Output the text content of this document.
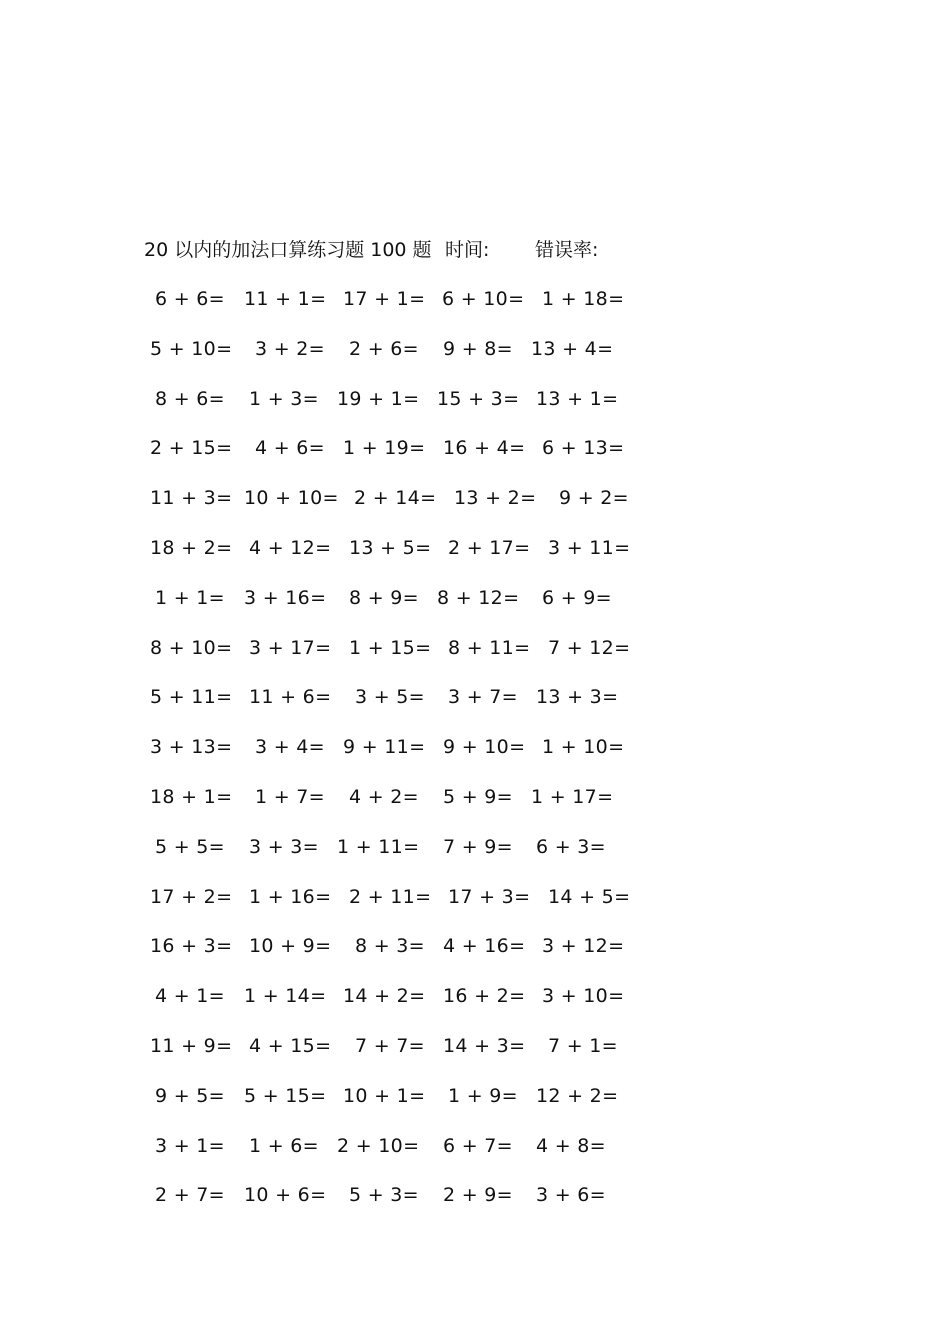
20 以内的加法口算练习题 100 题 时间: 错误率:
6 + 6= 11 + 1= 17 + 1= 6 + 10= 1 + 18=
5 + 10= 3 + 2= 2 + 6= 9 + 8= 13 + 4=
8 + 6= 1 + 3= 19 + 1= 15 + 3= 13 + 1=
2 + 15= 4 + 6= 1 + 19= 16 + 4= 6 + 13=
11 + 3= 10 + 10= 2 + 14= 13 + 2= 9 + 2=
18 + 2= 4 + 12= 13 + 5= 2 + 17= 3 + 11=
1 + 1= 3 + 16= 8 + 9= 8 + 12= 6 + 9=
8 + 10= 3 + 17= 1 + 15= 8 + 11= 7 + 12=
5 + 11= 11 + 6= 3 + 5= 3 + 7= 13 + 3=
3 + 13= 3 + 4= 9 + 11= 9 + 10= 1 + 10=
18 + 1= 1 + 7= 4 + 2= 5 + 9= 1 + 17=
5 + 5= 3 + 3= 1 + 11= 7 + 9= 6 + 3=
17 + 2= 1 + 16= 2 + 11= 17 + 3= 14 + 5=
16 + 3= 10 + 9= 8 + 3= 4 + 16= 3 + 12=
4 + 1= 1 + 14= 14 + 2= 16 + 2= 3 + 10=
11 + 9= 4 + 15= 7 + 7= 14 + 3= 7 + 1=
9 + 5= 5 + 15= 10 + 1= 1 + 9= 12 + 2=
3 + 1= 1 + 6= 2 + 10= 6 + 7= 4 + 8=
2 + 7= 10 + 6= 5 + 3= 2 + 9= 3 + 6=
